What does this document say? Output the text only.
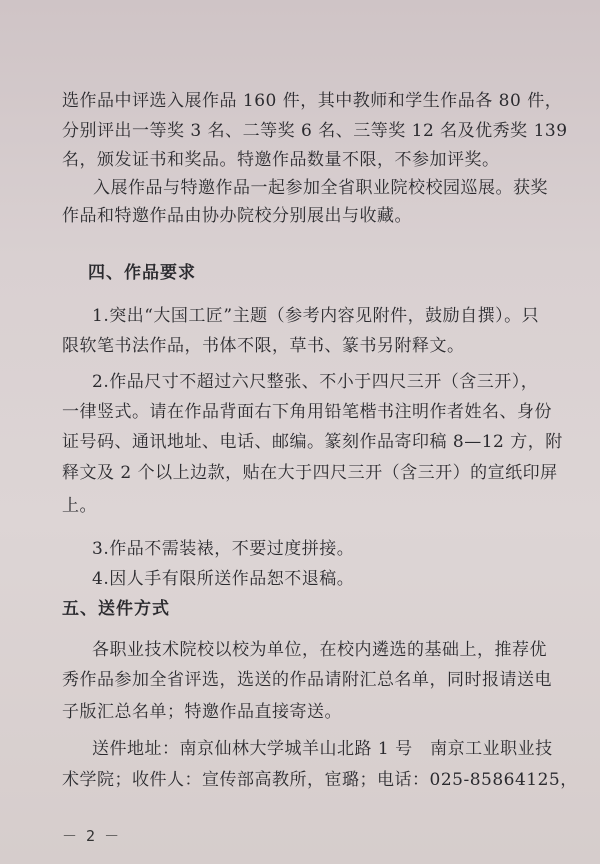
选作品中评选入展作品 160 件，其中教师和学生作品各 80 件，
分别评出一等奖 3 名、二等奖 6 名、三等奖 12 名及优秀奖 139
名，颁发证书和奖品。特邀作品数量不限，不参加评奖。
入展作品与特邀作品一起参加全省职业院校校园巡展。获奖
作品和特邀作品由协办院校分别展出与收藏。
四、作品要求
1.突出“大国工匠”主题（参考内容见附件，鼓励自撰）。只
限软笔书法作品，书体不限，草书、篆书另附释文。
2.作品尺寸不超过六尺整张、不小于四尺三开（含三开），
一律竖式。请在作品背面右下角用铅笔楷书注明作者姓名、身份
证号码、通讯地址、电话、邮编。篆刻作品寄印稿 8—12 方，附
释文及 2 个以上边款，贴在大于四尺三开（含三开）的宣纸印屏
上。
3.作品不需装裱，不要过度拼接。
4.因人手有限所送作品恕不退稿。
五、送件方式
各职业技术院校以校为单位，在校内遴选的基础上，推荐优
秀作品参加全省评选，选送的作品请附汇总名单，同时报请送电
子版汇总名单；特邀作品直接寄送。
送件地址：南京仙林大学城羊山北路 1 号　南京工业职业技
术学院；收件人：宣传部高教所，宦璐；电话：025-85864125，
－ 2 －
